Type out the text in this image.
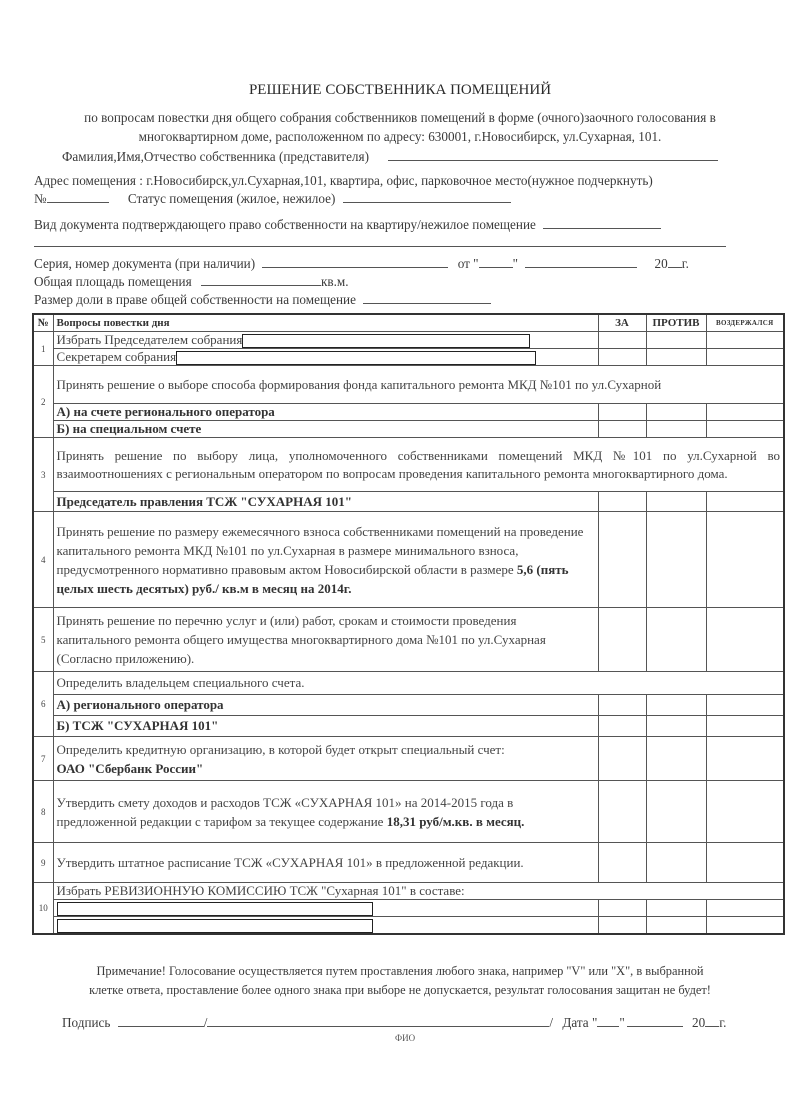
РЕШЕНИЕ СОБСТВЕННИКА ПОМЕЩЕНИЙ
по вопросам повестки дня общего собрания собственников помещений в форме (очного)заочного голосования в
многоквартирном доме, расположенном по адресу: 630001, г.Новосибирск, ул.Сухарная, 101.
Фамилия,Имя,Отчество собственника (представителя)
Адрес помещения : г.Новосибирск,ул.Сухарная,101, квартира, офис, парковочное место(нужное подчеркнуть)
№	Статус помещения (жилое, нежилое)
Вид документа подтверждающего право собственности на квартиру/нежилое помещение
Серия, номер документа (при наличии)	от "	"	20 г.
Общая площадь помещения	кв.м.
Размер доли в праве общей собственности на помещение
№	Вопросы повестки дня	ЗА	ПРОТИВ	ВОЗДЕРЖАЛСЯ
1	Избрать Председателем собрания			
	Секретарем собрания			
2	Принять решение о выборе способа формирования фонда капитального ремонта МКД №101 по ул.Сухарной			
	А) на счете регионального оператора			
	Б) на специальном счете			
3	Принять решение по выбору лица, уполномоченного собственниками помещений МКД №101 по ул.Сухарной во взаимоотношениях с региональным оператором по вопросам проведения капитального ремонта многоквартирного дома.			
	Председатель правления ТСЖ "СУХАРНАЯ 101"			
4	Принять решение по размеру ежемесячного взноса собственниками помещений на проведение капитального ремонта МКД №101 по ул.Сухарная в размере минимального взноса, предусмотренного нормативно правовым актом Новосибирской области в размере 5,6 (пять целых шесть десятых) руб./ кв.м в месяц на 2014г.			
5	Принять решение по перечню услуг и (или) работ, срокам и стоимости проведения капитального ремонта общего имущества многоквартирного дома №101 по ул.Сухарная (Согласно приложению).			
6	Определить владельцем специального счета.			
	А) регионального оператора			
	Б) ТСЖ "СУХАРНАЯ 101"			
7	Определить кредитную организацию, в которой будет открыт специальный счет:
ОАО "Сбербанк России"			

8	Утвердить смету доходов и расходов ТСЖ «СУХАРНАЯ 101» на 2014-2015 года в предложенной редакции с тарифом за текущее содержание 18,31 руб/м.кв. в месяц.			
9	Утвердить штатное расписание ТСЖ «СУХАРНАЯ 101» в предложенной редакции.			
10	Избрать РЕВИЗИОННУЮ КОМИССИЮ ТСЖ "Сухарная 101" в составе:			

Примечание! Голосование осуществляется путем проставления любого знака, например "V" или "X", в выбранной
клетке ответа, проставление более одного знака при выборе не допускается, результат голосования защитан не будет!
Подпись	/	/ Дата " "	20 г.
ФИО
